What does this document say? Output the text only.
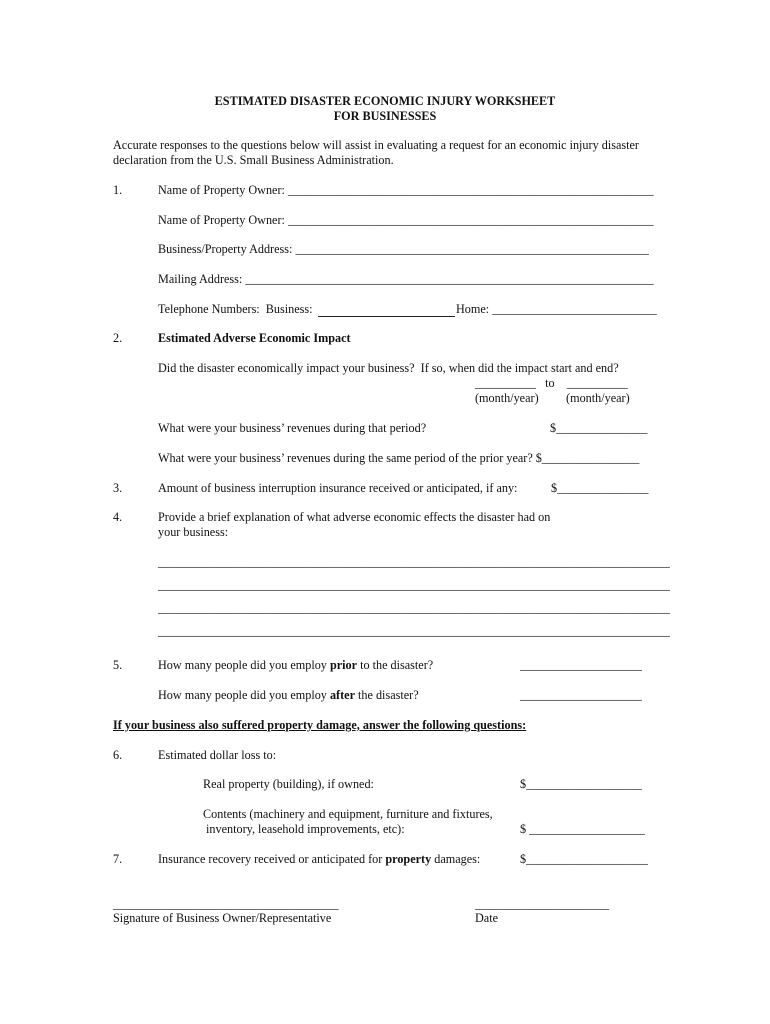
ESTIMATED DISASTER ECONOMIC INJURY WORKSHEET
FOR BUSINESSES
Accurate responses to the questions below will assist in evaluating a request for an economic injury disaster
declaration from the U.S. Small Business Administration.
1.	Name of Property Owner: ____________________________________________________________
Name of Property Owner: ____________________________________________________________
Business/Property Address: __________________________________________________________
Mailing Address: ___________________________________________________________________
Telephone Numbers:  Business:	Home: ___________________________
2.	Estimated Adverse Economic Impact
Did the disaster economically impact your business?  If so, when did the impact start and end?
__________   to    __________
(month/year)         (month/year)
What were your business’ revenues during that period?	$_______________
What were your business’ revenues during the same period of the prior year? $________________
3.	Amount of business interruption insurance received or anticipated, if any:	$_______________
4.	Provide a brief explanation of what adverse economic effects the disaster had on
your business:
____________________________________________________________________________________
____________________________________________________________________________________
____________________________________________________________________________________
____________________________________________________________________________________
5.	How many people did you employ prior to the disaster?	____________________
How many people did you employ after the disaster?	____________________
If your business also suffered property damage, answer the following questions:
6.	Estimated dollar loss to:
Real property (building), if owned:	$___________________
Contents (machinery and equipment, furniture and fixtures,
inventory, leasehold improvements, etc):	$ ___________________
7.	Insurance recovery received or anticipated for property damages:	$____________________
_____________________________________
Signature of Business Owner/Representative
______________________
Date
